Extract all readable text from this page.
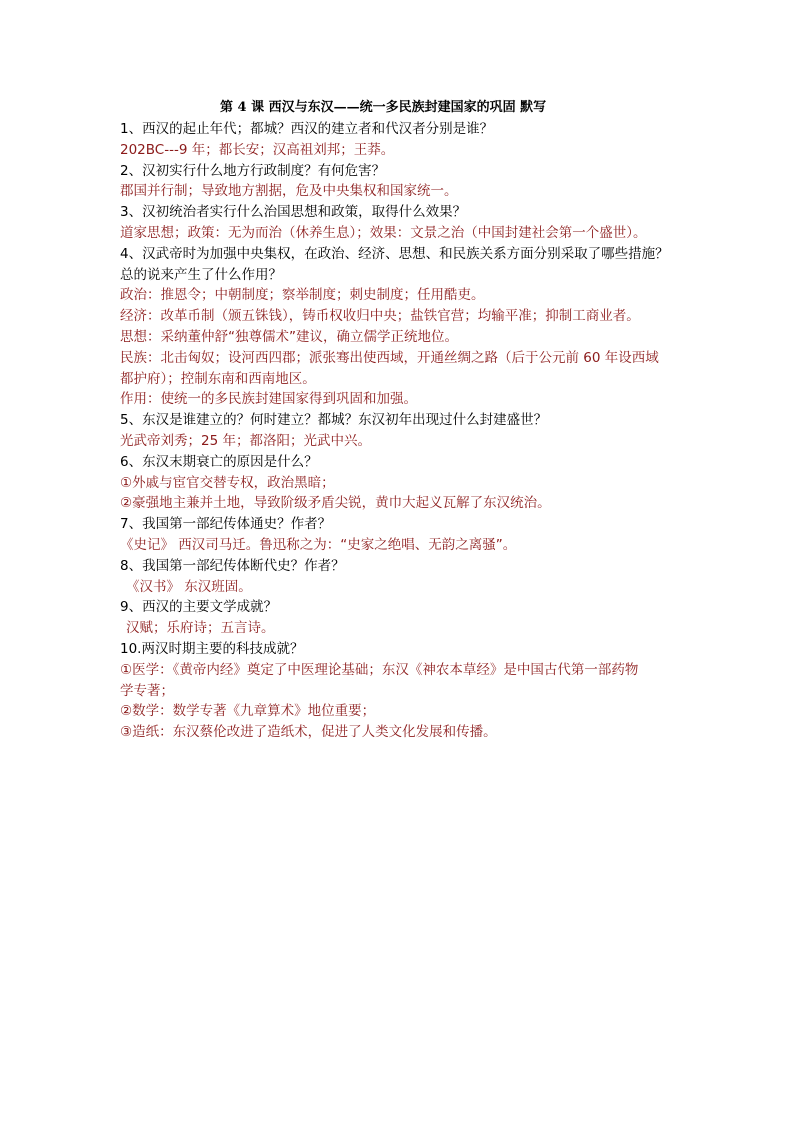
第 4 课 西汉与东汉——统一多民族封建国家的巩固 默写
1、西汉的起止年代；都城？西汉的建立者和代汉者分别是谁？
202BC---9 年；都长安；汉高祖刘邦；王莽。
2、汉初实行什么地方行政制度？有何危害？
郡国并行制；导致地方割据，危及中央集权和国家统一。
3、汉初统治者实行什么治国思想和政策，取得什么效果？
道家思想；政策：无为而治（休养生息）；效果：文景之治（中国封建社会第一个盛世）。
4、汉武帝时为加强中央集权，在政治、经济、思想、和民族关系方面分别采取了哪些措施？
总的说来产生了什么作用？
政治：推恩令；中朝制度；察举制度；刺史制度；任用酷吏。
经济：改革币制（颁五铢钱），铸币权收归中央；盐铁官营；均输平准；抑制工商业者。
思想：采纳董仲舒“独尊儒术”建议，确立儒学正统地位。
民族：北击匈奴；设河西四郡；派张骞出使西域，开通丝绸之路（后于公元前 60 年设西域
都护府）；控制东南和西南地区。
作用：使统一的多民族封建国家得到巩固和加强。
5、东汉是谁建立的？何时建立？都城？东汉初年出现过什么封建盛世？
光武帝刘秀；25 年；都洛阳；光武中兴。
6、东汉末期衰亡的原因是什么？
①外戚与宦官交替专权，政治黑暗；
②豪强地主兼并土地，导致阶级矛盾尖锐，黄巾大起义瓦解了东汉统治。
7、我国第一部纪传体通史？作者？
《史记》 西汉司马迁。鲁迅称之为：“史家之绝唱、无韵之离骚”。
8、我国第一部纪传体断代史？作者？
《汉书》 东汉班固。
9、西汉的主要文学成就？
汉赋；乐府诗；五言诗。
10.两汉时期主要的科技成就？
①医学：《黄帝内经》奠定了中医理论基础；东汉《神农本草经》是中国古代第一部药物
学专著；
②数学：数学专著《九章算术》地位重要；
③造纸：东汉蔡伦改进了造纸术，促进了人类文化发展和传播。
